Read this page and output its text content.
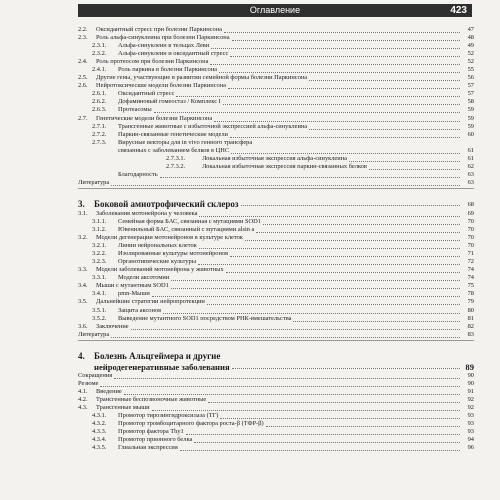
Оглавление	423
2.2. Оксидантный стресс при болезни Паркинсона	47
2.3. Роль альфа-синуклеина при болезни Паркинсона	48
2.3.1. Альфа-синуклеин в тельцах Леви	49
2.3.2. Альфа-синуклеин и оксидантный стресс	52
2.4. Роль протеосом при болезни Паркинсона	52
2.4.1. Роль паркина в болезни Паркинсона	55
2.5. Другие гены, участвующие в развитии семейной формы болезни Паркинсона	56
2.6. Нейротоксические модели болезни Паркинсона	57
2.6.1. Оксидантный стресс	57
2.6.2. Дофаминовый гомеостаз / Комплекс I	58
2.6.3. Протеасомы	59
2.7. Генетические модели болезни Паркинсона	59
2.7.1. Трансгенные животные с избыточной экспрессией альфа-синуклеина	59
2.7.2. Паркин-связанные генетические модели	60
2.7.3. Вирусные векторы для in vivo генного трансфера
связанных с заболеванием белков в ЦНС	61
2.7.3.1.	Локальная избыточная экспрессия альфа-синуклеина	61
2.7.3.2.	Локальная избыточная экспрессия паркин-связанных белков	62
Благодарность	63
Литература	63
3. Боковой амиотрофический склероз	68
3.1. Заболевания мотонейрона у человека	69
3.1.1. Семейная форма БАС, связанная с мутациями SOD1	70
3.1.2. Ювенильный БАС, связанный с мутациями alsin a	70
3.2. Модели дегенерации мотонейронов в культуре клеток	70
3.2.1. Линии нейрональных клеток	70
3.2.2. Изолированные культуры мотонейронов	71
3.2.3. Органотипические культуры	72
3.3. Модели заболеваний мотонейрона у животных	74
3.3.1. Модели аксотомии	74
3.4. Мыши с мутантным SOD1	75
3.4.1. pmn-Мыши	78
3.5. Дальнейшие стратегии нейропротекции	79
3.5.1. Защита аксонов	80
3.5.2. Выведение мутантного SOD1 посредством РНК-вмешательства	81
3.6. Заключение	82
Литература	83
4. Болезнь Альцгеймера и другие
нейродегенеративные заболевания	89
Сокращения	90
Резюме	90
4.1. Введение	91
4.2. Трансгенные беспозвоночные животные	92
4.3. Трансгенные мыши	92
4.3.1. Промотор тирозингидроксилаза (ТГ)	93
4.3.2. Промотор тромбоцитарного фактора роста-β (ТФР-β)	93
4.3.3. Промотор фактора Thy1	93
4.3.4. Промотор прионного белка	94
4.3.5. Глиальная экспрессия	96
